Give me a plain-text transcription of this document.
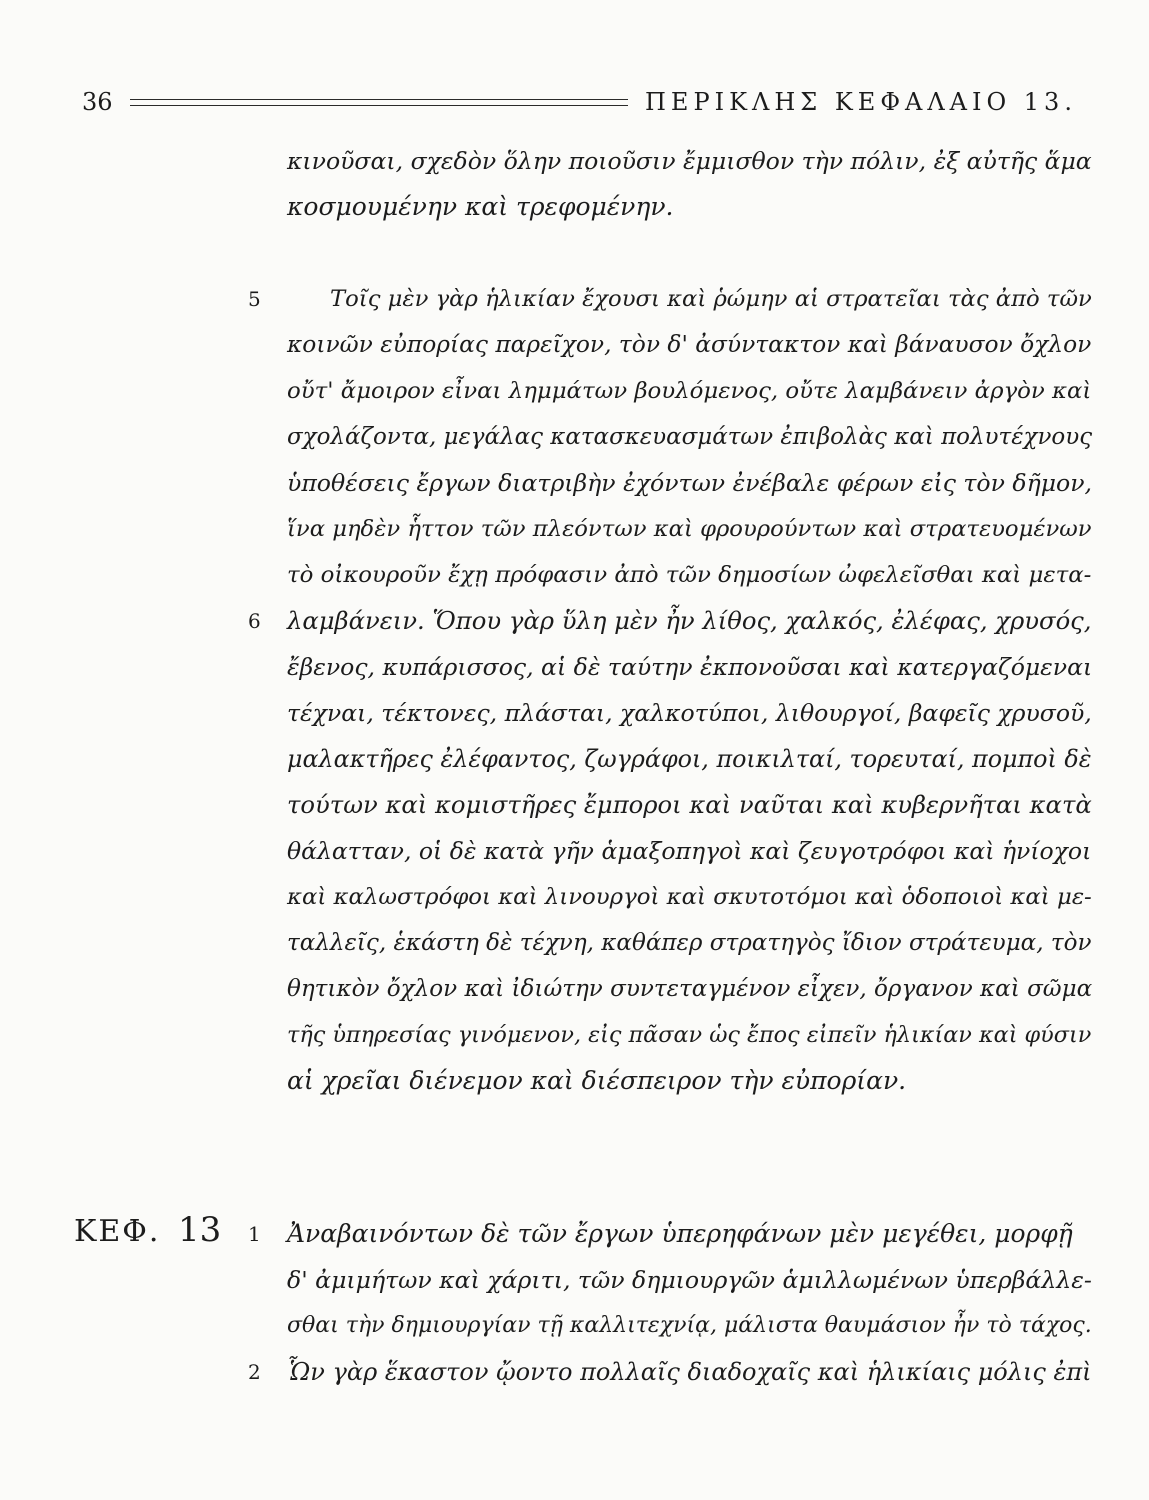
36	ΠΕΡΙΚΛΗΣ ΚΕΦΑΛΑΙΟ 13.
5
6
1
2
ΚΕΦ. 13
κινοῦσαι, σχεδὸν ὅλην ποιοῦσιν ἔμμισθον τὴν πόλιν, ἐξ αὐτῆς ἅμα
κοσμουμένην καὶ τρεφομένην.
Τοῖς μὲν γὰρ ἡλικίαν ἔχουσι καὶ ῥώμην αἱ στρατεῖαι τὰς ἀπὸ τῶν
κοινῶν εὐπορίας παρεῖχον, τὸν δ' ἀσύντακτον καὶ βάναυσον ὄχλον
οὔτ' ἄμοιρον εἶναι λημμάτων βουλόμενος, οὔτε λαμβάνειν ἀργὸν καὶ
σχολάζοντα, μεγάλας κατασκευασμάτων ἐπιβολὰς καὶ πολυτέχνους
ὑποθέσεις ἔργων διατριβὴν ἐχόντων ἐνέβαλε φέρων εἰς τὸν δῆμον,
ἵνα μηδὲν ἧττον τῶν πλεόντων καὶ φρουρούντων καὶ στρατευομένων
τὸ οἰκουροῦν ἔχῃ πρόφασιν ἀπὸ τῶν δημοσίων ὠφελεῖσθαι καὶ μετα-
λαμβάνειν. Ὅπου γὰρ ὕλη μὲν ἦν λίθος, χαλκός, ἐλέφας, χρυσός,
ἔβενος, κυπάρισσος, αἱ δὲ ταύτην ἐκπονοῦσαι καὶ κατεργαζόμεναι
τέχναι, τέκτονες, πλάσται, χαλκοτύποι, λιθουργοί, βαφεῖς χρυσοῦ,
μαλακτῆρες ἐλέφαντος, ζωγράφοι, ποικιλταί, τορευταί, πομποὶ δὲ
τούτων καὶ κομιστῆρες ἔμποροι καὶ ναῦται καὶ κυβερνῆται κατὰ
θάλατταν, οἱ δὲ κατὰ γῆν ἁμαξοπηγοὶ καὶ ζευγοτρόφοι καὶ ἡνίοχοι
καὶ καλωστρόφοι καὶ λινουργοὶ καὶ σκυτοτόμοι καὶ ὁδοποιοὶ καὶ με-
ταλλεῖς, ἑκάστη δὲ τέχνη, καθάπερ στρατηγὸς ἴδιον στράτευμα, τὸν
θητικὸν ὄχλον καὶ ἰδιώτην συντεταγμένον εἶχεν, ὄργανον καὶ σῶμα
τῆς ὑπηρεσίας γινόμενον, εἰς πᾶσαν ὡς ἔπος εἰπεῖν ἡλικίαν καὶ φύσιν
αἱ χρεῖαι διένεμον καὶ διέσπειρον τὴν εὐπορίαν.
Ἀναβαινόντων δὲ τῶν ἔργων ὑπερηφάνων μὲν μεγέθει, μορφῇ
δ' ἀμιμήτων καὶ χάριτι, τῶν δημιουργῶν ἁμιλλωμένων ὑπερβάλλε-
σθαι τὴν δημιουργίαν τῇ καλλιτεχνίᾳ, μάλιστα θαυμάσιον ἦν τὸ τάχος.
Ὧν γὰρ ἕκαστον ᾤοντο πολλαῖς διαδοχαῖς καὶ ἡλικίαις μόλις ἐπὶ
